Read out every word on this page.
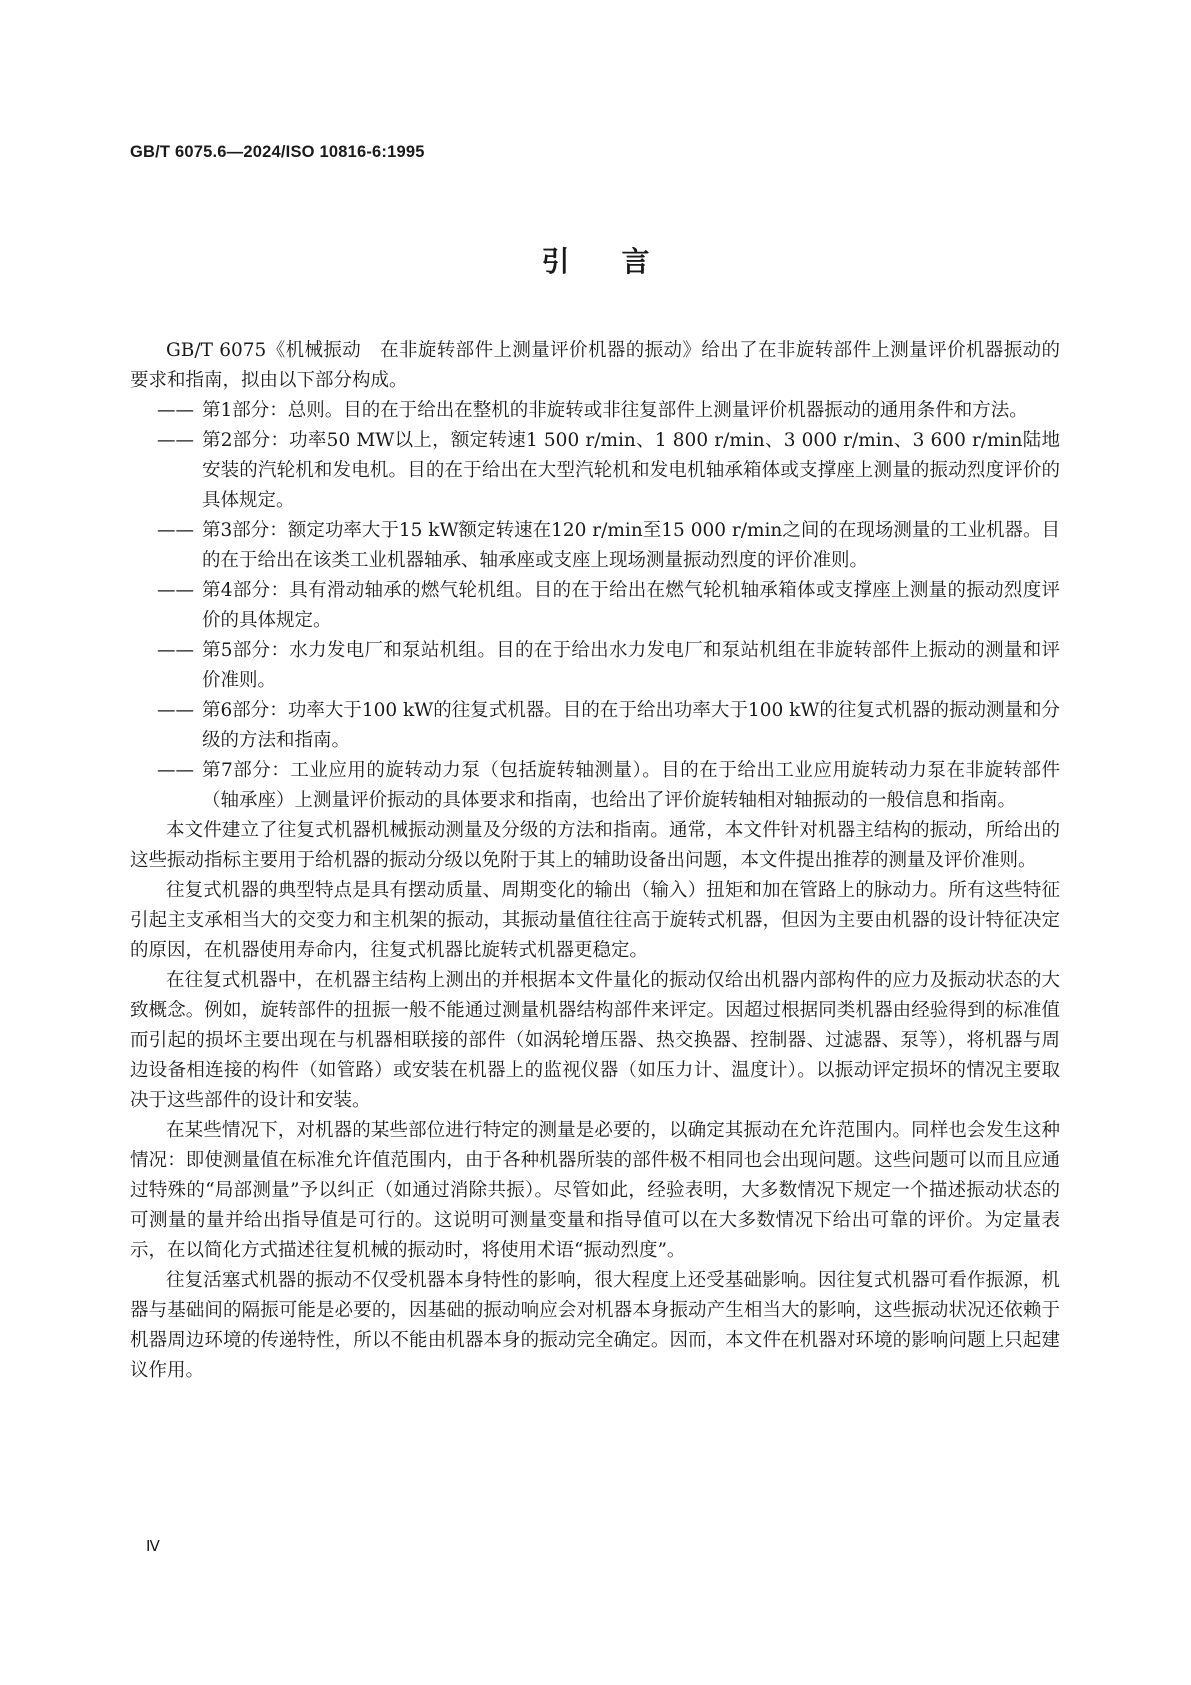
GB/T 6075.6—2024/ISO 10816-6:1995
引言

GB/T 6075《机械振动　在非旋转部件上测量评价机器的振动》给出了在非旋转部件上测量评价机器振动的要求和指南，拟由以下部分构成。

—— 第1部分：总则。目的在于给出在整机的非旋转或非往复部件上测量评价机器振动的通用条件和方法。

—— 第2部分：功率50 MW以上，额定转速1 500 r/min、1 800 r/min、3 000 r/min、3 600 r/min陆地安装的汽轮机和发电机。目的在于给出在大型汽轮机和发电机轴承箱体或支撑座上测量的振动烈度评价的具体规定。

—— 第3部分：额定功率大于15 kW额定转速在120 r/min至15 000 r/min之间的在现场测量的工业机器。目的在于给出在该类工业机器轴承、轴承座或支座上现场测量振动烈度的评价准则。

—— 第4部分：具有滑动轴承的燃气轮机组。目的在于给出在燃气轮机轴承箱体或支撑座上测量的振动烈度评价的具体规定。

—— 第5部分：水力发电厂和泵站机组。目的在于给出水力发电厂和泵站机组在非旋转部件上振动的测量和评价准则。

—— 第6部分：功率大于100 kW的往复式机器。目的在于给出功率大于100 kW的往复式机器的振动测量和分级的方法和指南。

—— 第7部分：工业应用的旋转动力泵（包括旋转轴测量）。目的在于给出工业应用旋转动力泵在非旋转部件（轴承座）上测量评价振动的具体要求和指南，也给出了评价旋转轴相对轴振动的一般信息和指南。

本文件建立了往复式机器机械振动测量及分级的方法和指南。通常，本文件针对机器主结构的振动，所给出的这些振动指标主要用于给机器的振动分级以免附于其上的辅助设备出问题，本文件提出推荐的测量及评价准则。

往复式机器的典型特点是具有摆动质量、周期变化的输出（输入）扭矩和加在管路上的脉动力。所有这些特征引起主支承相当大的交变力和主机架的振动，其振动量值往往高于旋转式机器，但因为主要由机器的设计特征决定的原因，在机器使用寿命内，往复式机器比旋转式机器更稳定。

在往复式机器中，在机器主结构上测出的并根据本文件量化的振动仅给出机器内部构件的应力及振动状态的大致概念。例如，旋转部件的扭振一般不能通过测量机器结构部件来评定。因超过根据同类机器由经验得到的标准值而引起的损坏主要出现在与机器相联接的部件（如涡轮增压器、热交换器、控制器、过滤器、泵等），将机器与周边设备相连接的构件（如管路）或安装在机器上的监视仪器（如压力计、温度计）。以振动评定损坏的情况主要取决于这些部件的设计和安装。

在某些情况下，对机器的某些部位进行特定的测量是必要的，以确定其振动在允许范围内。同样也会发生这种情况：即使测量值在标准允许值范围内，由于各种机器所装的部件极不相同也会出现问题。这些问题可以而且应通过特殊的“局部测量”予以纠正（如通过消除共振）。尽管如此，经验表明，大多数情况下规定一个描述振动状态的可测量的量并给出指导值是可行的。这说明可测量变量和指导值可以在大多数情况下给出可靠的评价。为定量表示，在以简化方式描述往复机械的振动时，将使用术语“振动烈度”。

往复活塞式机器的振动不仅受机器本身特性的影响，很大程度上还受基础影响。因往复式机器可看作振源，机器与基础间的隔振可能是必要的，因基础的振动响应会对机器本身振动产生相当大的影响，这些振动状况还依赖于机器周边环境的传递特性，所以不能由机器本身的振动完全确定。因而，本文件在机器对环境的影响问题上只起建议作用。

Ⅳ
